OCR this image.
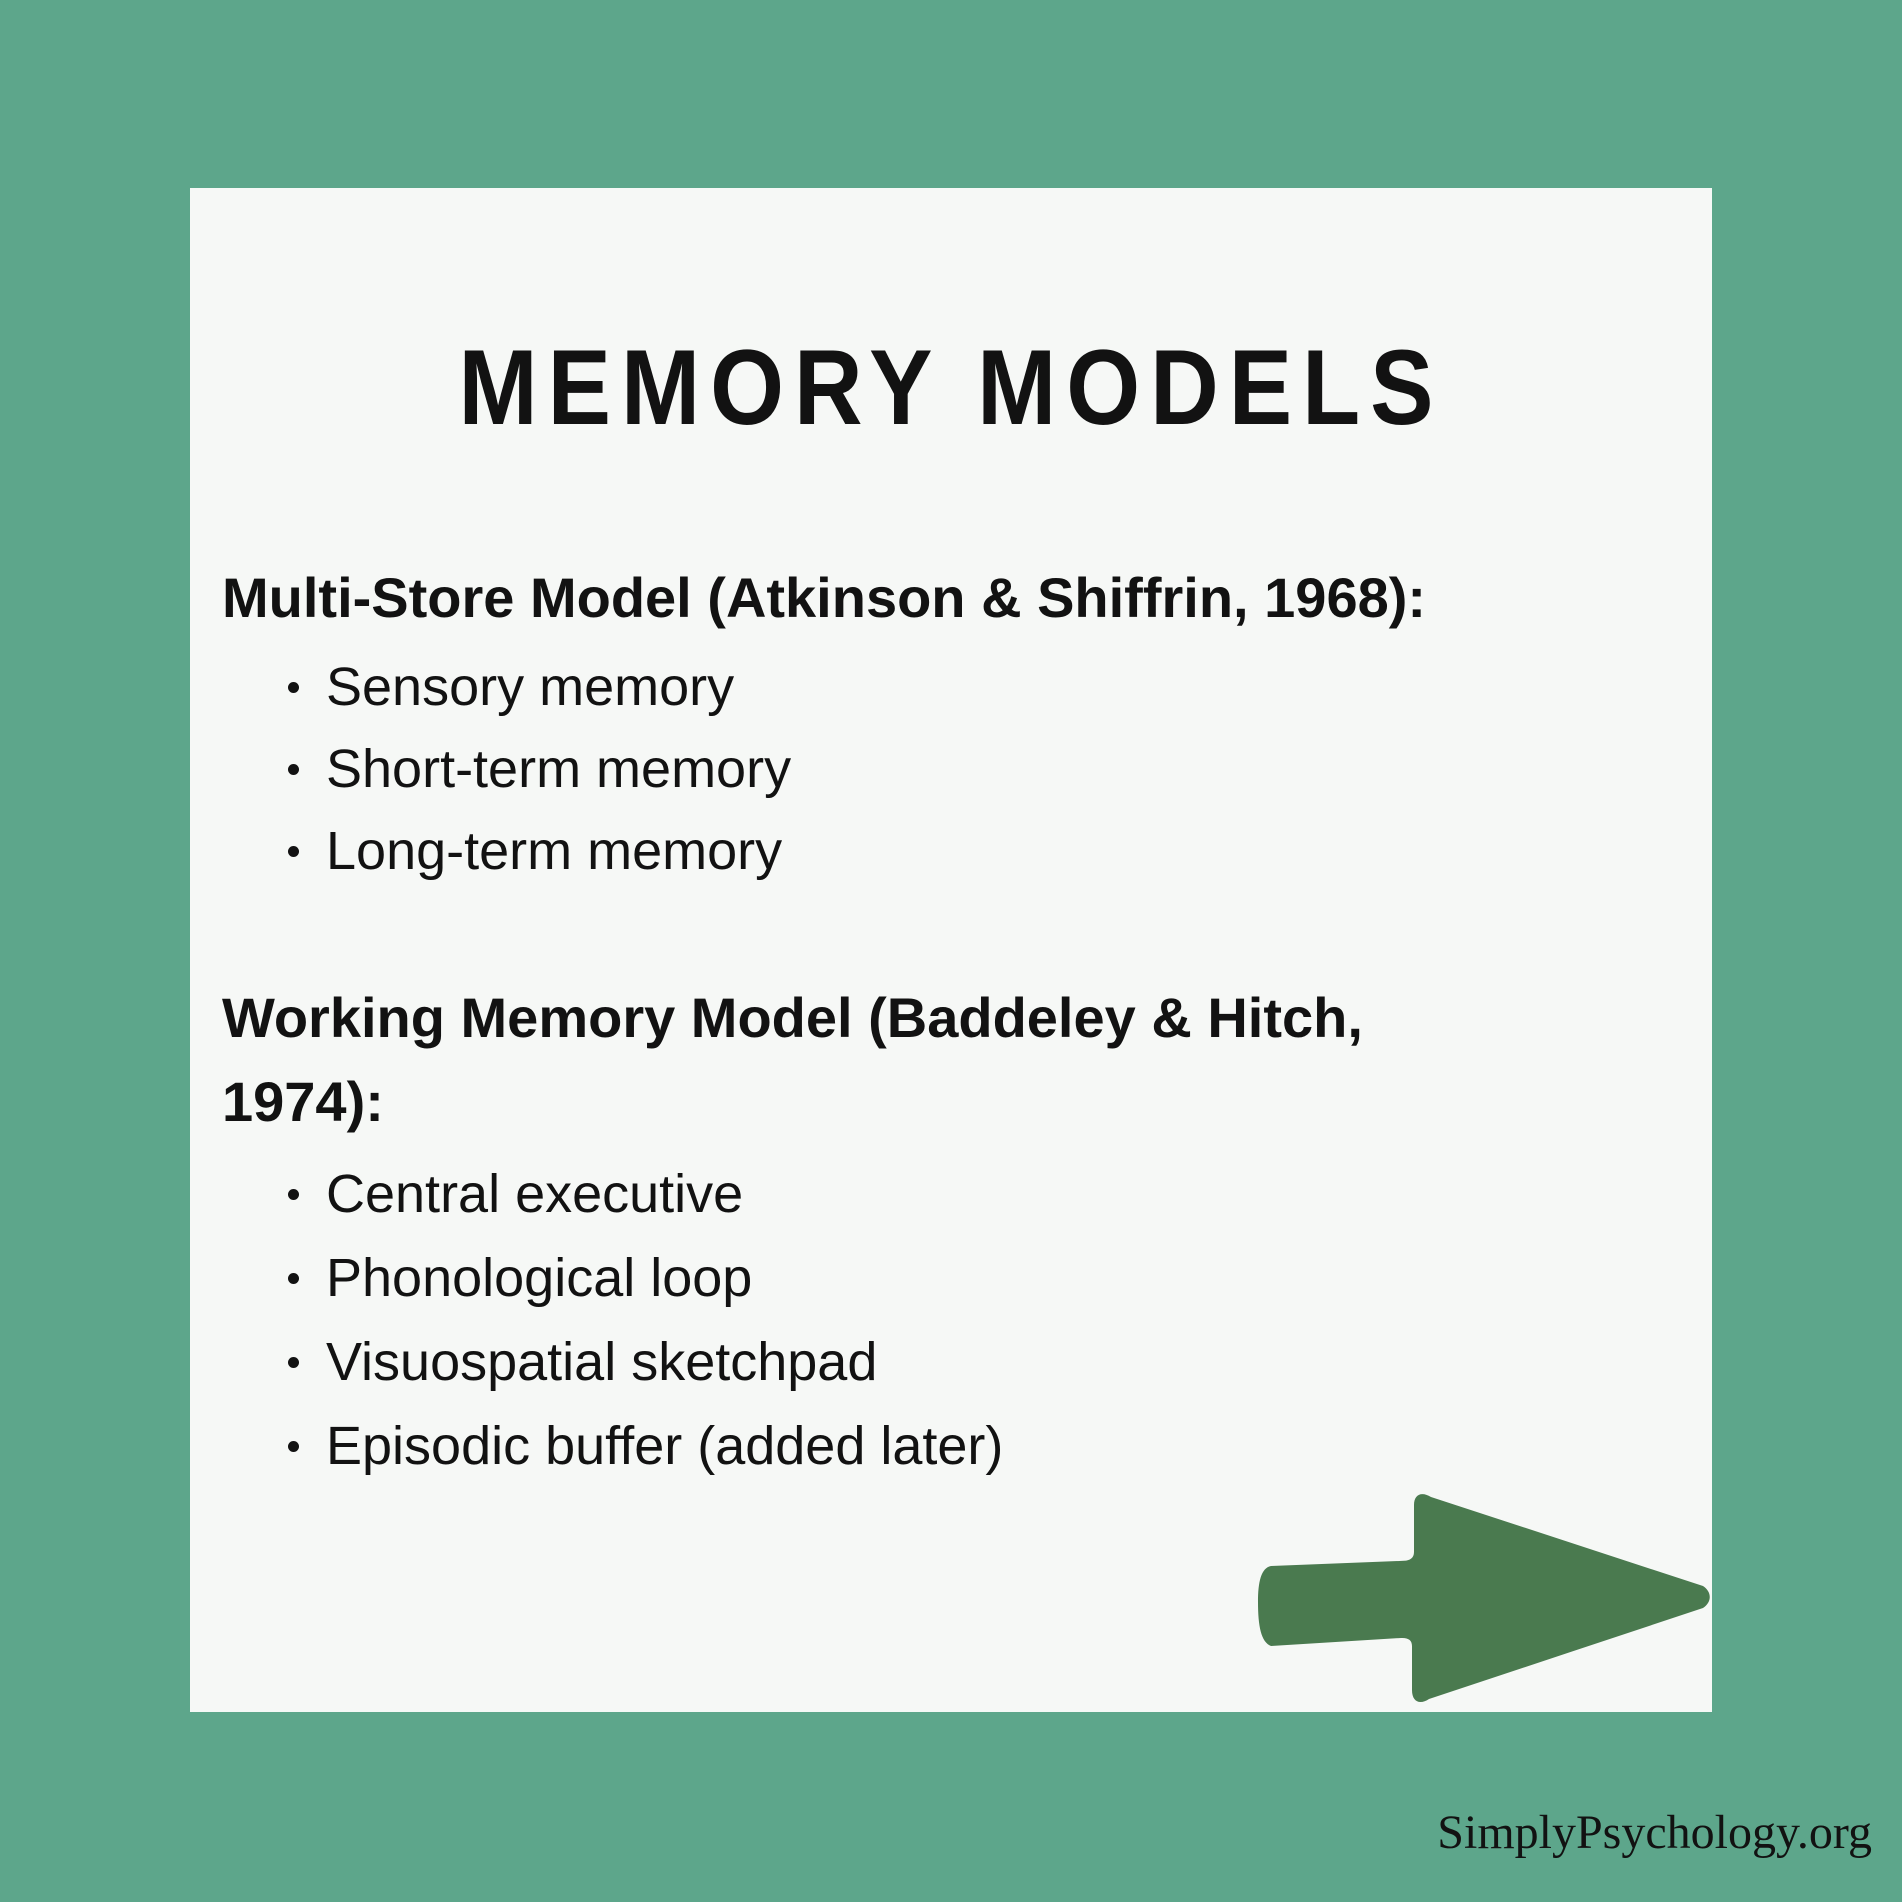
MEMORY MODELS
Multi-Store Model (Atkinson & Shiffrin, 1968):
Sensory memory
Short-term memory
Long-term memory
Working Memory Model (Baddeley & Hitch,
1974):
Central executive
Phonological loop
Visuospatial sketchpad
Episodic buffer (added later)
SimplyPsychology.org
